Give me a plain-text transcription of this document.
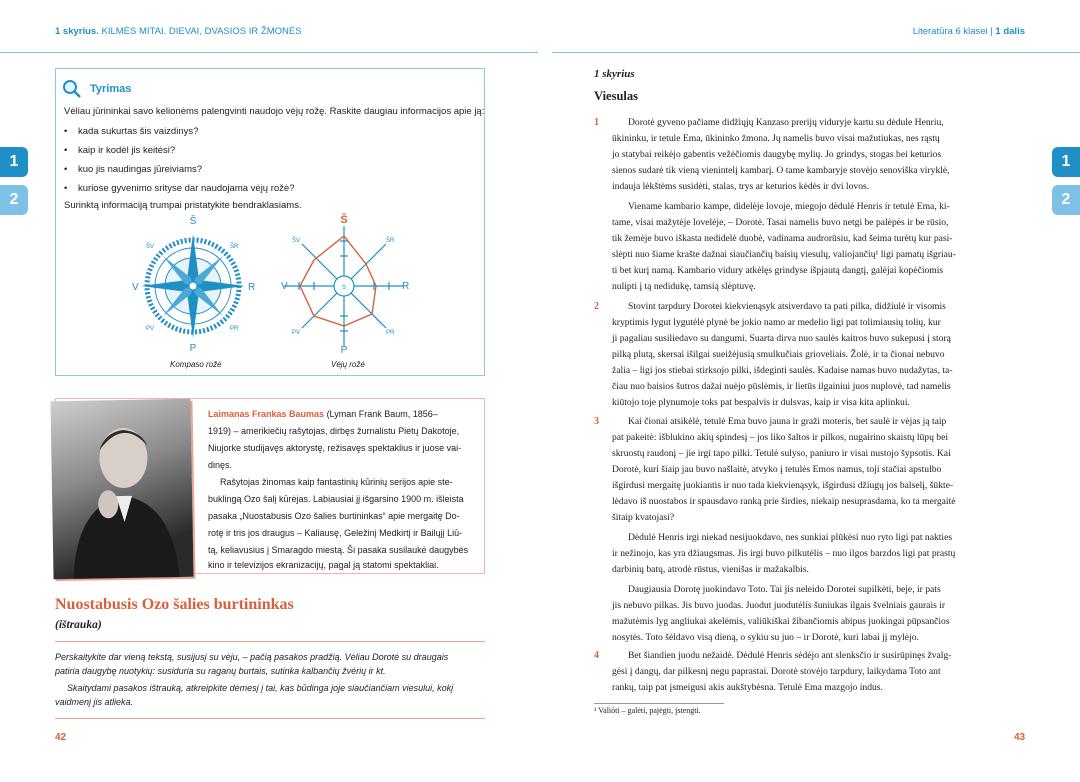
1 skyrius. KILMĖS MITAI. DIEVAI, DVASIOS IR ŽMONĖS	Literatūra 6 klasei | 1 dalis
1
2
1
2
Tyrimas
Vėliau jūrininkai savo kelionėms palengvinti naudojo vėjų rožę. Raskite daugiau informacijos apie ją:
• kada sukurtas šis vaizdinys?
• kaip ir kodėl jis keitėsi?
• kuo jis naudingas jūreiviams?
• kuriose gyvenimo srityse dar naudojama vėjų rožė?
Surinktą informaciją trumpai pristatykite bendraklasiams.
Š
P
V	R
ŠV	ŠR
PV	PR
Kompaso rožė
Š
P
V	R
ŠV	ŠR
PV	PR
S
Vėjų rožė
Laimanas Frankas Baumas (Lyman Frank Baum, 1856–
1919) – amerikiečių rašytojas, dirbęs žurnalistu Pietų Dakotoje,
Niujorke studijavęs aktorystę, režisavęs spektaklius ir juose vai-
dinęs.
Rašytojas žinomas kaip fantastinių kūrinių serijos apie ste-
buklingą Ozo šalį kūrėjas. Labiausiai jį išgarsino 1900 m. išleista
pasaka „Nuostabusis Ozo šalies burtininkas“ apie mergaitę Do-
rotę ir tris jos draugus – Kaliausę, Geležinį Medkirtį ir Bailųjį Liū-
tą, keliavusius į Smaragdo miestą. Ši pasaka susilaukė daugybės
kino ir televizijos ekranizacijų, pagal ją statomi spektakliai.
Nuostabusis Ozo šalies burtininkas
(ištrauka)
Perskaitykite dar vieną tekstą, susijusį su vėju, – pačią pasakos pradžią. Vėliau Dorotė su draugais
patiria daugybę nuotykių: susiduria su raganų burtais, sutinka kalbančių žvėrių ir kt.
Skaitydami pasakos ištrauką, atkreipkite dėmesį į tai, kas būdinga joje siaučiančiam viesului, kokį
vaidmenį jis atlieka.
42	43
1 skyrius
Viesulas
1
2
3
4
Dorotė gyveno pačiame didžiųjų Kanzaso prerijų viduryje kartu su dėdule Henriu,
ūkininku, ir tetule Ema, ūkininko žmona. Jų namelis buvo visai mažutiukas, nes rąstų
jo statybai reikėjo gabentis vežėčiomis daugybę mylių. Jo grindys, stogas bei keturios
sienos sudarė tik vieną vienintelį kambarį. O tame kambaryje stovėjo senoviška viryklė,
indauja lėkštėms susidėti, stalas, trys ar keturios kėdės ir dvi lovos.
Viename kambario kampe, didelėje lovoje, miegojo dėdulė Henris ir tetulė Ema, ki-
tame, visai mažytėje lovelėje, – Dorotė. Tasai namelis buvo netgi be palėpės ir be rūsio,
tik žemėje buvo iškasta nedidelė duobė, vadinama audrorūsiu, kad šeima turėtų kur pasi-
slėpti nuo šiame krašte dažnai siaučiančių baisių viesulų, valiojančių¹ ligi pamatų išgriau-
ti bet kurį namą. Kambario vidury atkėlęs grindyse išpjautą dangtį, galėjai kopėčiomis
nulipti į tą nedidukę, tamsią slėptuvę.
Stovint tarpdury Dorotei kiekvienąsyk atsiverdavo ta pati pilka, didžiulė ir visomis
kryptimis lygut lygutėlė plynė be jokio namo ar medelio ligi pat tolimiausių tolių, kur
ji pagaliau susiliedavo su dangumi. Suarta dirva nuo saulės kaitros buvo sukepusi į storą
pilką plutą, skersai išilgai sueižėjusią smulkučiais grioveliais. Žolė, ir ta čionai nebuvo
žalia – ligi jos stiebai stirksojo pilki, išdeginti saulės. Kadaise namas buvo nudažytas, ta-
čiau nuo baisios šutros dažai nuėjo pūslėmis, ir lietūs ilgainiui juos nuplovė, tad namelis
kiūtojo toje plynumoje toks pat bespalvis ir dulsvas, kaip ir visa kita aplinkui.
Kai čionai atsikėlė, tetulė Ema buvo jauna ir graži moteris, bet saulė ir vėjas ją taip
pat pakeitė: išblukino akių spindesį – jos liko šaltos ir pilkos, nugairino skaistų lūpų bei
skruostų raudonį – jie irgi tapo pilki. Tetulė sulyso, paniuro ir visai nustojo šypsotis. Kai
Dorotė, kuri šiaip jau buvo našlaitė, atvyko į tetulės Emos namus, toji stačiai apstulbo
išgirdusi mergaitę juokiantis ir nuo tada kiekvienąsyk, išgirdusi džiugų jos balselį, šūkte-
lėdavo iš nuostabos ir spausdavo ranką prie širdies, niekaip nesuprasdama, ko ta mergaitė
šitaip kvatojasi?
Dėdulė Henris irgi niekad nesijuokdavo, nes sunkiai plūkėsi nuo ryto ligi pat nakties
ir nežinojo, kas yra džiaugsmas. Jis irgi buvo pilkutėlis – nuo ilgos barzdos ligi pat prastų
darbinių batų, atrodė rūstus, vienišas ir mažakalbis.
Daugiausia Dorotę juokindavo Toto. Tai jis neleido Dorotei supilkėti, beje, ir pats
jis nebuvo pilkas. Jis buvo juodas. Juodut juodutėlis šuniukas ilgais švelniais gaurais ir
mažutėmis lyg angliukai akelėmis, valiūkiškai žibančiomis abipus juokingai pūpsančios
nosytės. Toto šėldavo visą dieną, o sykiu su juo – ir Dorotė, kuri labai jį mylėjo.
Bet šiandien juodu nežaidė. Dėdulė Henris sėdėjo ant slenksčio ir susirūpinęs žvalg-
gėsi į dangų, dar pilkesnį negu paprastai. Dorotė stovėjo tarpdury, laikydama Toto ant
rankų, taip pat įsmeigusi akis aukštybėsna. Tetulė Ema mazgojo indus.
¹ Valióti – galėti, pajėgti, įstengti.
